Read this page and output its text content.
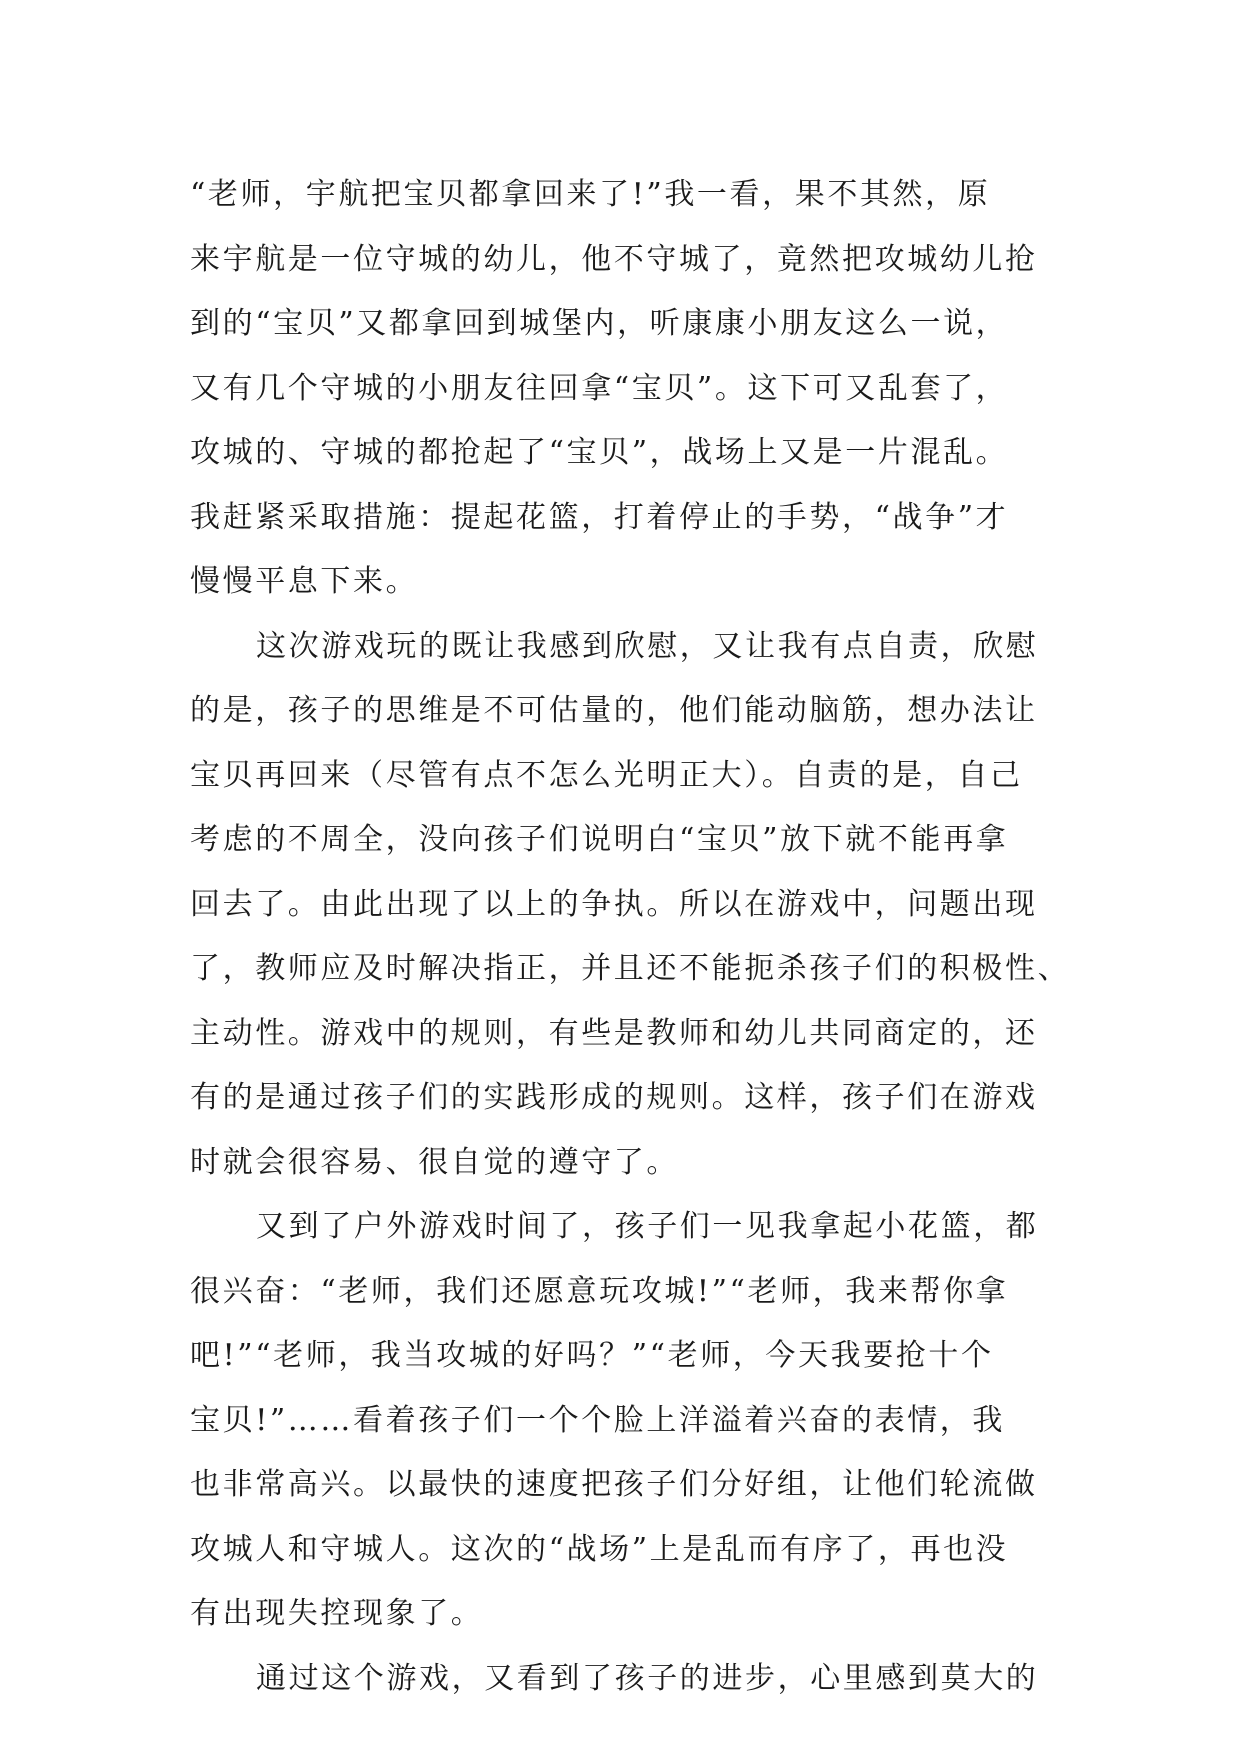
“老师，宇航把宝贝都拿回来了!”我一看，果不其然，原
来宇航是一位守城的幼儿，他不守城了，竟然把攻城幼儿抢
到的“宝贝”又都拿回到城堡内，听康康小朋友这么一说，
又有几个守城的小朋友往回拿“宝贝”。这下可又乱套了，
攻城的、守城的都抢起了“宝贝”，战场上又是一片混乱。
我赶紧采取措施：提起花篮，打着停止的手势，“战争”才
慢慢平息下来。
这次游戏玩的既让我感到欣慰，又让我有点自责，欣慰
的是，孩子的思维是不可估量的，他们能动脑筋，想办法让
宝贝再回来（尽管有点不怎么光明正大）。自责的是，自己
考虑的不周全，没向孩子们说明白“宝贝”放下就不能再拿
回去了。由此出现了以上的争执。所以在游戏中，问题出现
了，教师应及时解决指正，并且还不能扼杀孩子们的积极性、
主动性。游戏中的规则，有些是教师和幼儿共同商定的，还
有的是通过孩子们的实践形成的规则。这样，孩子们在游戏
时就会很容易、很自觉的遵守了。
又到了户外游戏时间了，孩子们一见我拿起小花篮，都
很兴奋：“老师，我们还愿意玩攻城!”“老师，我来帮你拿
吧!”“老师，我当攻城的好吗？”“老师，今天我要抢十个
宝贝!”……看着孩子们一个个脸上洋溢着兴奋的表情，我
也非常高兴。以最快的速度把孩子们分好组，让他们轮流做
攻城人和守城人。这次的“战场”上是乱而有序了，再也没
有出现失控现象了。
通过这个游戏，又看到了孩子的进步，心里感到莫大的
